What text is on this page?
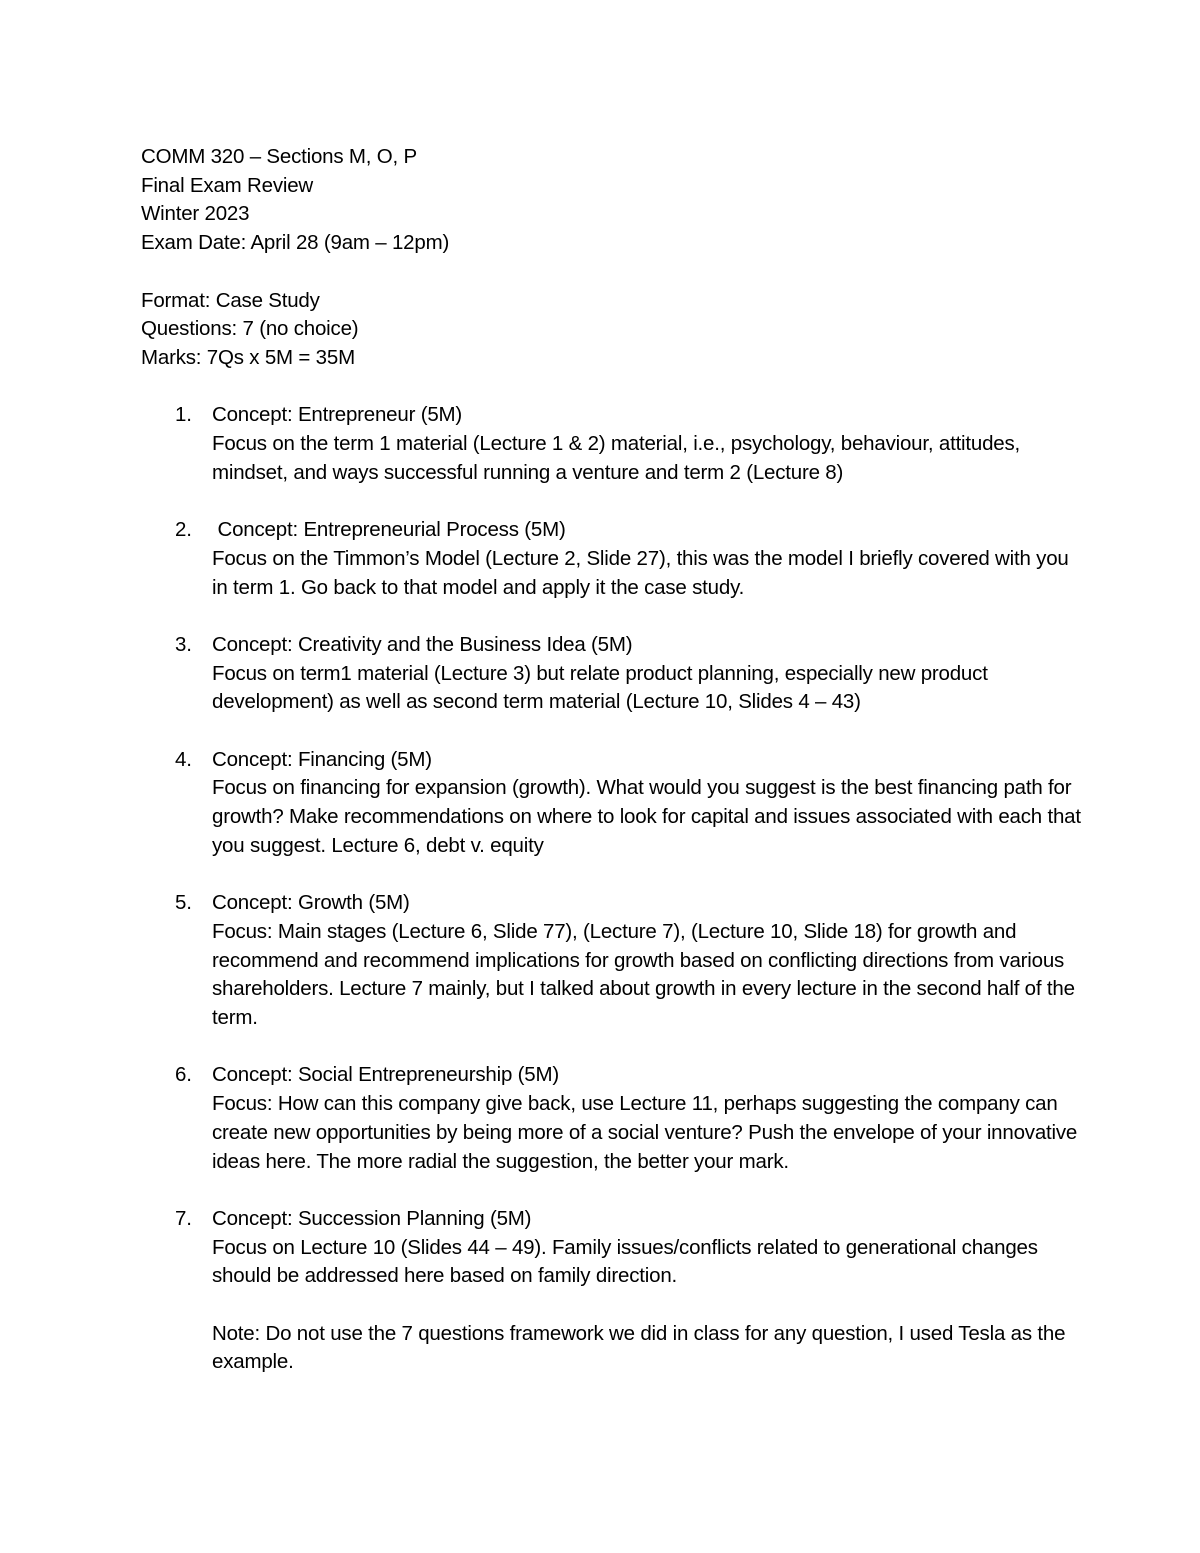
COMM 320 – Sections M, O, P
Final Exam Review
Winter 2023
Exam Date: April 28 (9am – 12pm)
Format: Case Study
Questions: 7 (no choice)
Marks: 7Qs x 5M = 35M
1. Concept: Entrepreneur (5M)
Focus on the term 1 material (Lecture 1 & 2) material, i.e., psychology, behaviour, attitudes, mindset, and ways successful running a venture and term 2 (Lecture 8)
2. Concept: Entrepreneurial Process (5M)
Focus on the Timmon’s Model (Lecture 2, Slide 27), this was the model I briefly covered with you in term 1. Go back to that model and apply it the case study.
3. Concept: Creativity and the Business Idea (5M)
Focus on term1 material (Lecture 3) but relate product planning, especially new product development) as well as second term material (Lecture 10, Slides 4 – 43)
4. Concept: Financing (5M)
Focus on financing for expansion (growth). What would you suggest is the best financing path for growth? Make recommendations on where to look for capital and issues associated with each that you suggest. Lecture 6, debt v. equity
5. Concept: Growth (5M)
Focus: Main stages (Lecture 6, Slide 77), (Lecture 7), (Lecture 10, Slide 18) for growth and recommend and recommend implications for growth based on conflicting directions from various shareholders. Lecture 7 mainly, but I talked about growth in every lecture in the second half of the term.
6. Concept: Social Entrepreneurship (5M)
Focus: How can this company give back, use Lecture 11, perhaps suggesting the company can create new opportunities by being more of a social venture? Push the envelope of your innovative ideas here. The more radial the suggestion, the better your mark.
7. Concept: Succession Planning (5M)
Focus on Lecture 10 (Slides 44 – 49). Family issues/conflicts related to generational changes should be addressed here based on family direction.
Note: Do not use the 7 questions framework we did in class for any question, I used Tesla as the example.
